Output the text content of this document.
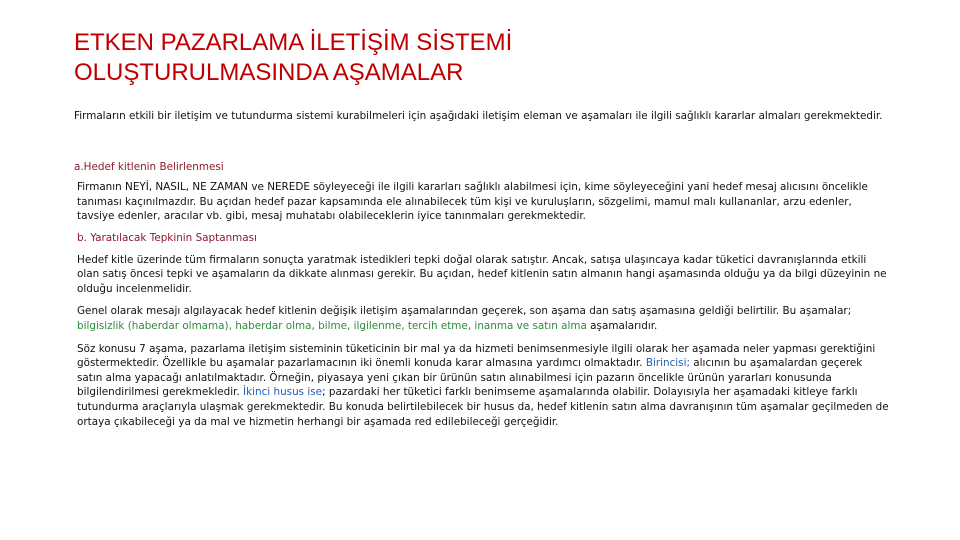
ETKEN PAZARLAMA İLETİŞİM SİSTEMİ
OLUŞTURULMASINDA AŞAMALAR

Firmaların etkili bir iletişim ve tutundurma sistemi kurabilmeleri için aşağıdaki iletişim eleman ve aşamaları ile ilgili sağlıklı kararlar almaları gerekmektedir.

a.Hedef kitlenin Belirlenmesi

Firmanın NEYİ, NASIL, NE ZAMAN ve NEREDE söyleyeceği ile ilgili kararları sağlıklı alabilmesi için, kime söyleyeceğini yani hedef mesaj alıcısını öncelikle tanıması kaçınılmazdır. Bu açıdan hedef pazar kapsamında ele alınabilecek tüm kişi ve kuruluşların, sözgelimi, mamul malı kullananlar, arzu edenler, tavsiye edenler, aracılar vb. gibi, mesaj muhatabı olabileceklerin iyice tanınmaları gerekmektedir.

b. Yaratılacak Tepkinin Saptanması

Hedef kitle üzerinde tüm firmaların sonuçta yaratmak istedikleri tepki doğal olarak satıştır. Ancak, satışa ulaşıncaya kadar tüketici davranışlarında etkili olan satış öncesi tepki ve aşamaların da dikkate alınması gerekir. Bu açıdan, hedef kitlenin satın almanın hangi aşamasında olduğu ya da bilgi düzeyinin ne olduğu incelenmelidir.

Genel olarak mesajı algılayacak hedef kitlenin değişik iletişim aşamalarından geçerek, son aşama dan satış aşamasına geldiği belirtilir. Bu aşamalar; bilgisizlik (haberdar olmama), haberdar olma, bilme, ilgilenme, tercih etme, inanma ve satın alma aşamalarıdır.

Söz konusu 7 aşama, pazarlama iletişim sisteminin tüketicinin bir mal ya da hizmeti benimsenmesiyle ilgili olarak her aşamada neler yapması gerektiğini göstermektedir. Özellikle bu aşamalar pazarlamacının iki önemli konuda karar almasına yardımcı olmaktadır. Birincisi; alıcının bu aşamalardan geçerek satın alma yapacağı anlatılmaktadır. Örneğin, piyasaya yeni çıkan bir ürünün satın alınabilmesi için pazarın öncelikle ürünün yararları konusunda bilgilendirilmesi gerekmekledir. İkinci husus ise; pazardaki her tüketici farklı benimseme aşamalarında olabilir. Dolayısıyla her aşamadaki kitleye farklı tutundurma araçlarıyla ulaşmak gerekmektedir. Bu konuda belirtilebilecek bir husus da, hedef kitlenin satın alma davranışının tüm aşamalar geçilmeden de ortaya çıkabileceği ya da mal ve hizmetin herhangi bir aşamada red edilebileceği gerçeğidir.
